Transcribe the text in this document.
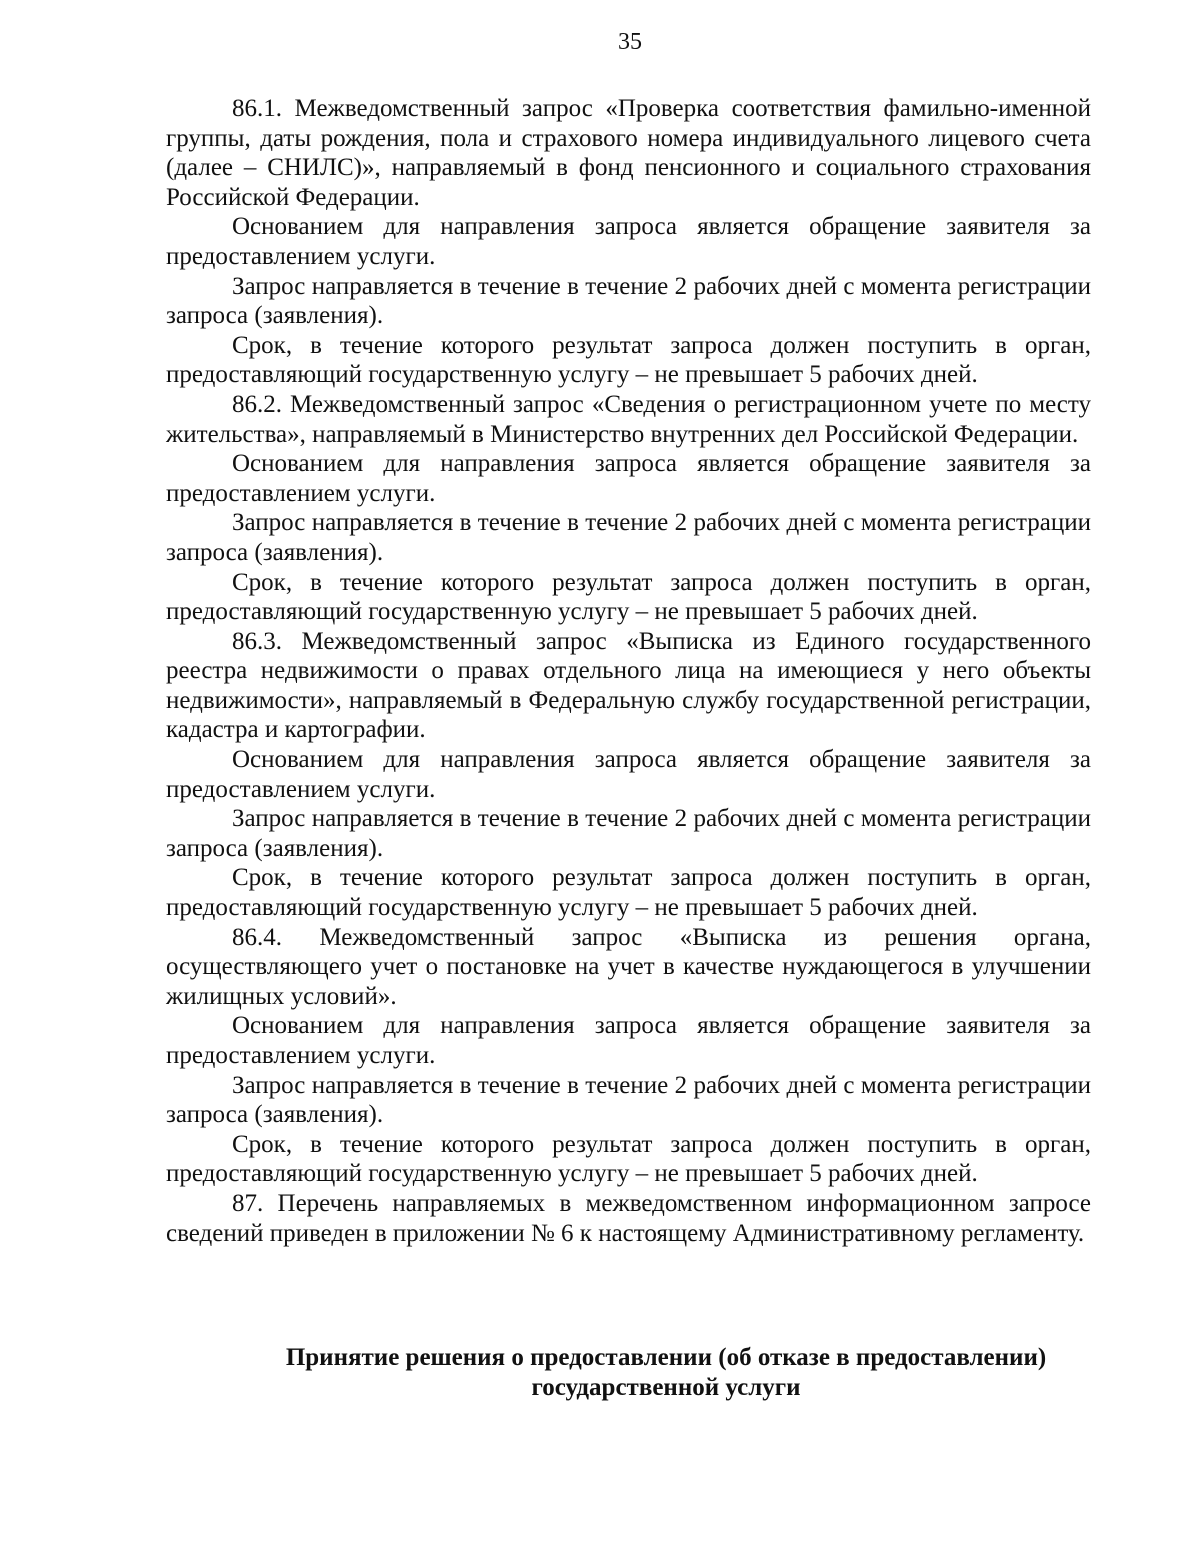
35

86.1. Межведомственный запрос «Проверка соответствия фамильно-именной группы, даты рождения, пола и страхового номера индивидуального лицевого счета (далее – СНИЛС)», направляемый в фонд пенсионного и социального страхования Российской Федерации.

Основанием для направления запроса является обращение заявителя за предоставлением услуги.

Запрос направляется в течение в течение 2 рабочих дней с момента регистрации запроса (заявления).

Срок, в течение которого результат запроса должен поступить в орган, предоставляющий государственную услугу – не превышает 5 рабочих дней.

86.2. Межведомственный запрос «Сведения о регистрационном учете по месту жительства», направляемый в Министерство внутренних дел Российской Федерации.

Основанием для направления запроса является обращение заявителя за предоставлением услуги.

Запрос направляется в течение в течение 2 рабочих дней с момента регистрации запроса (заявления).

Срок, в течение которого результат запроса должен поступить в орган, предоставляющий государственную услугу – не превышает 5 рабочих дней.

86.3. Межведомственный запрос «Выписка из Единого государственного реестра недвижимости о правах отдельного лица на имеющиеся у него объекты недвижимости», направляемый в Федеральную службу государственной регистрации, кадастра и картографии.

Основанием для направления запроса является обращение заявителя за предоставлением услуги.

Запрос направляется в течение в течение 2 рабочих дней с момента регистрации запроса (заявления).

Срок, в течение которого результат запроса должен поступить в орган, предоставляющий государственную услугу – не превышает 5 рабочих дней.

86.4. Межведомственный запрос «Выписка из решения органа, осуществляющего учет о постановке на учет в качестве нуждающегося в улучшении жилищных условий».

Основанием для направления запроса является обращение заявителя за предоставлением услуги.

Запрос направляется в течение в течение 2 рабочих дней с момента регистрации запроса (заявления).

Срок, в течение которого результат запроса должен поступить в орган, предоставляющий государственную услугу – не превышает 5 рабочих дней.

87. Перечень направляемых в межведомственном информационном запросе сведений приведен в приложении № 6 к настоящему Административному регламенту.

Принятие решения о предоставлении (об отказе в предоставлении)
государственной услуги
